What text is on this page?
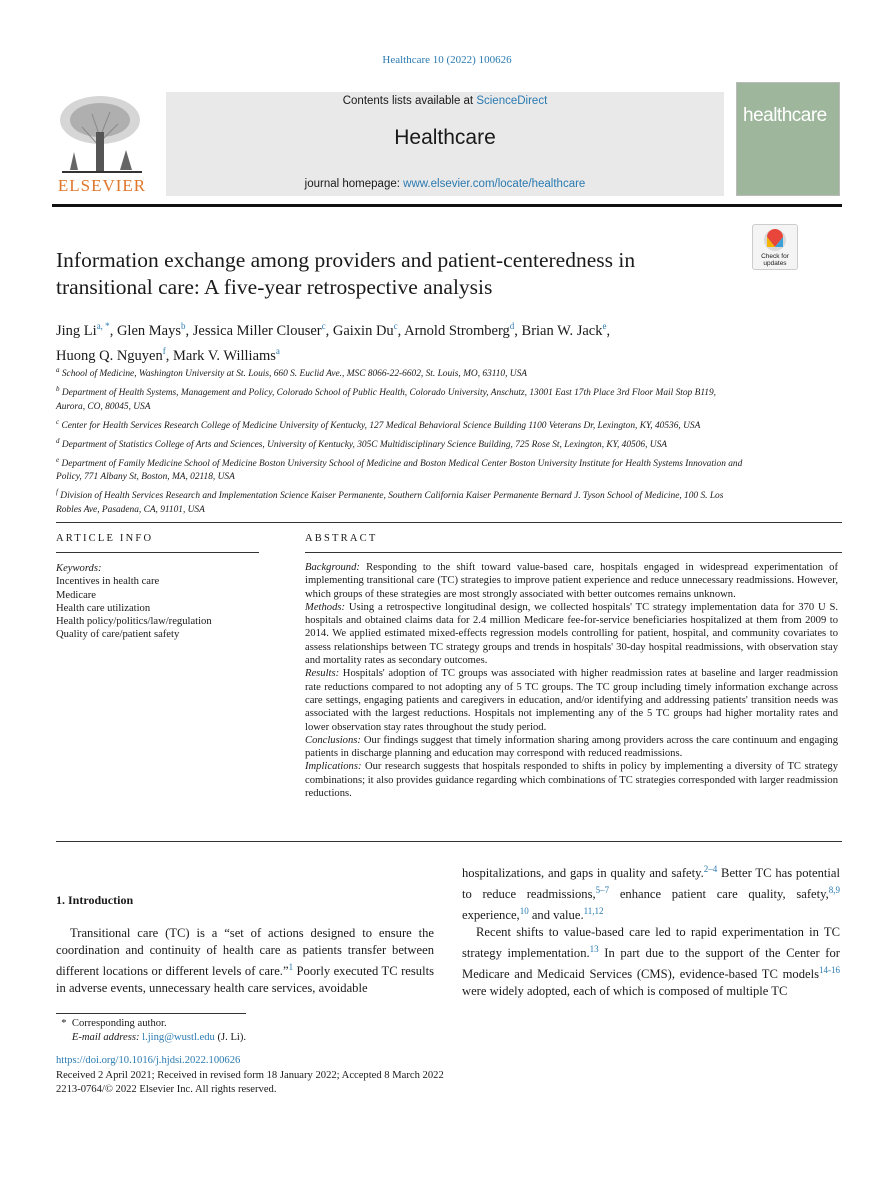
Healthcare 10 (2022) 100626
ELSEVIER
Contents lists available at ScienceDirect
Healthcare
journal homepage: www.elsevier.com/locate/healthcare
healthcare
Check for updates
Information exchange among providers and patient-centeredness in transitional care: A five-year retrospective analysis
Jing $Li^{a, *}$, Glen Mays$^b$, Jessica Miller Clouser$^c$, Gaixin Du$^c$, Arnold Stromberg$^d$, Brian W. Jack$^e$,
Huong Q. Nguyen$^f$, Mark V. Williams$^a$

$^a$ School of Medicine, Washington University at St. Louis, 660 S. Euclid Ave., MSC 8066-22-6602, St. Louis, MO, 63110, USA

$^b$ Department of Health Systems, Management and Policy, Colorado School of Public Health, Colorado University, Anschutz, 13001 East 17th Place 3rd Floor Mail Stop B119, Aurora, CO, 80045, USA

$^c$ Center for Health Services Research College of Medicine University of Kentucky, 127 Medical Behavioral Science Building 1100 Veterans Dr, Lexington, KY, 40536, USA

$^d$ Department of Statistics College of Arts and Sciences, University of Kentucky, 305C Multidisciplinary Science Building, 725 Rose St, Lexington, KY, 40506, USA

$^e$ Department of Family Medicine School of Medicine Boston University School of Medicine and Boston Medical Center Boston University Institute for Health Systems Innovation and Policy, 771 Albany St, Boston, MA, 02118, USA

$^f$ Division of Health Services Research and Implementation Science Kaiser Permanente, Southern California Kaiser Permanente Bernard J. Tyson School of Medicine, 100 S. Los Robles Ave, Pasadena, CA, 91101, USA

ARTICLE INFO	ABSTRACT
Keywords:
Incentives in health care
Medicare
Health care utilization
Health policy/politics/law/regulation
Quality of care/patient safety

Background: Responding to the shift toward value-based care, hospitals engaged in widespread experimentation of implementing transitional care (TC) strategies to improve patient experience and reduce unnecessary readmissions. However, which groups of these strategies are most strongly associated with better outcomes remains unknown.

Methods: Using a retrospective longitudinal design, we collected hospitals' TC strategy implementation data for 370 U S. hospitals and obtained claims data for 2.4 million Medicare fee-for-service beneficiaries hospitalized at them from 2009 to 2014. We applied estimated mixed-effects regression models controlling for patient, hospital, and community covariates to assess relationships between TC strategy groups and trends in hospitals' 30-day hospital readmissions, with observation stay and mortality rates as secondary outcomes.

Results: Hospitals' adoption of TC groups was associated with higher readmission rates at baseline and larger readmission rate reductions compared to not adopting any of 5 TC groups. The TC group including timely information exchange across care settings, engaging patients and caregivers in education, and/or identifying and addressing patients' transition needs was associated with the largest reductions. Hospitals not implementing any of the 5 TC groups had higher mortality rates and lower observation stay rates throughout the study period.

Conclusions: Our findings suggest that timely information sharing among providers across the care continuum and engaging patients in discharge planning and education may correspond with reduced readmissions.

Implications: Our research suggests that hospitals responded to shifts in policy by implementing a diversity of TC strategy combinations; it also provides guidance regarding which combinations of TC strategies corresponded with larger readmission reductions.

1. Introduction

Transitional care (TC) is a “set of actions designed to ensure the coordination and continuity of health care as patients transfer between different locations or different levels of care.”$^1$ Poorly executed TC results in adverse events, unnecessary health care services, avoidable

hospitalizations, and gaps in quality and safety.$^{2-4}$ Better TC has potential to reduce readmissions,$^{5-7}$ enhance patient care quality, safety,$^{8,9}$ experience,$^{10}$ and value.$^{11,12}$

Recent shifts to value-based care led to rapid experimentation in TC strategy implementation.$^{13}$ In part due to the support of the Center for Medicare and Medicaid Services (CMS), evidence-based TC models$^{14-16}$ were widely adopted, each of which is composed of multiple TC

*  Corresponding author.
E-mail address: l.jing@wustl.edu (J. Li).
https://doi.org/10.1016/j.hjdsi.2022.100626
Received 2 April 2021; Received in revised form 18 January 2022; Accepted 8 March 2022
2213-0764/© 2022 Elsevier Inc. All rights reserved.
